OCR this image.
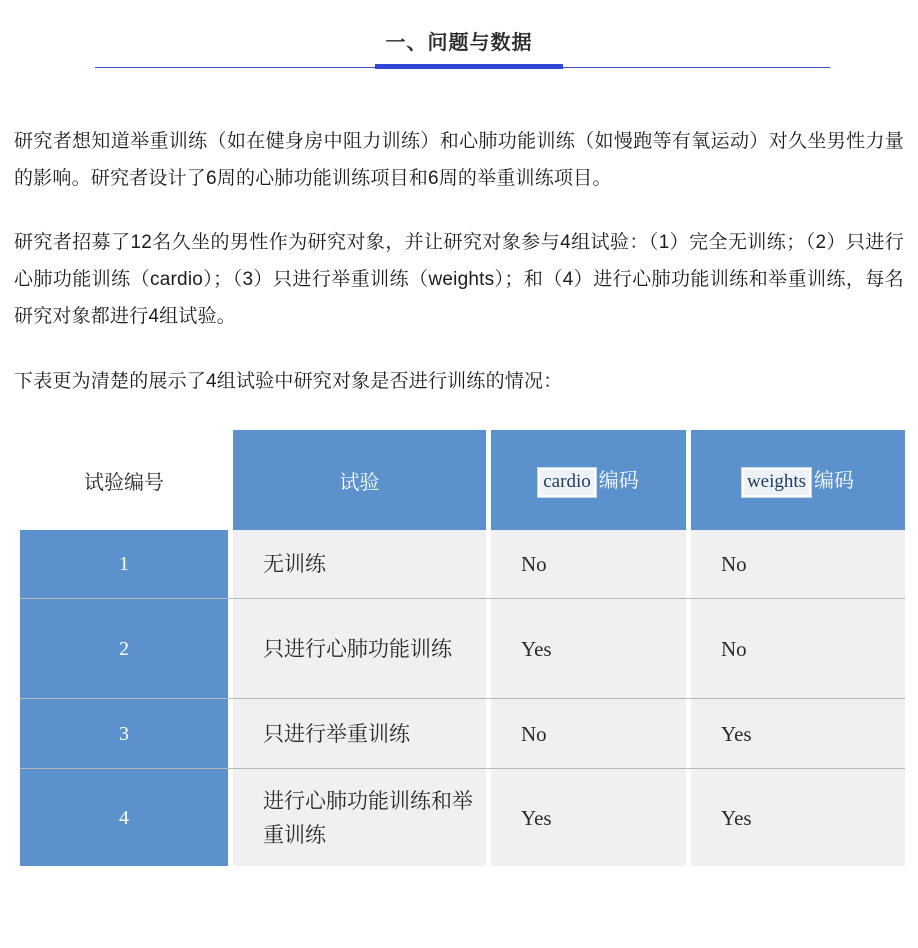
一、问题与数据

研究者想知道举重训练（如在健身房中阻力训练）和心肺功能训练（如慢跑等有氧运动）对久坐男性力量的影响。研究者设计了6周的心肺功能训练项目和6周的举重训练项目。

研究者招募了12名久坐的男性作为研究对象，并让研究对象参与4组试验：（1）完全无训练；（2）只进行心肺功能训练（cardio）；（3）只进行举重训练（weights）；和（4）进行心肺功能训练和举重训练，每名研究对象都进行4组试验。

下表更为清楚的展示了4组试验中研究对象是否进行训练的情况：

试验编号	试验	cardio 编码	weights 编码
1	无训练	No	No

2	只进行心肺功能训练	Yes	No

3	只进行举重训练	No	Yes

4	进行心肺功能训练和举重训练	Yes	Yes
